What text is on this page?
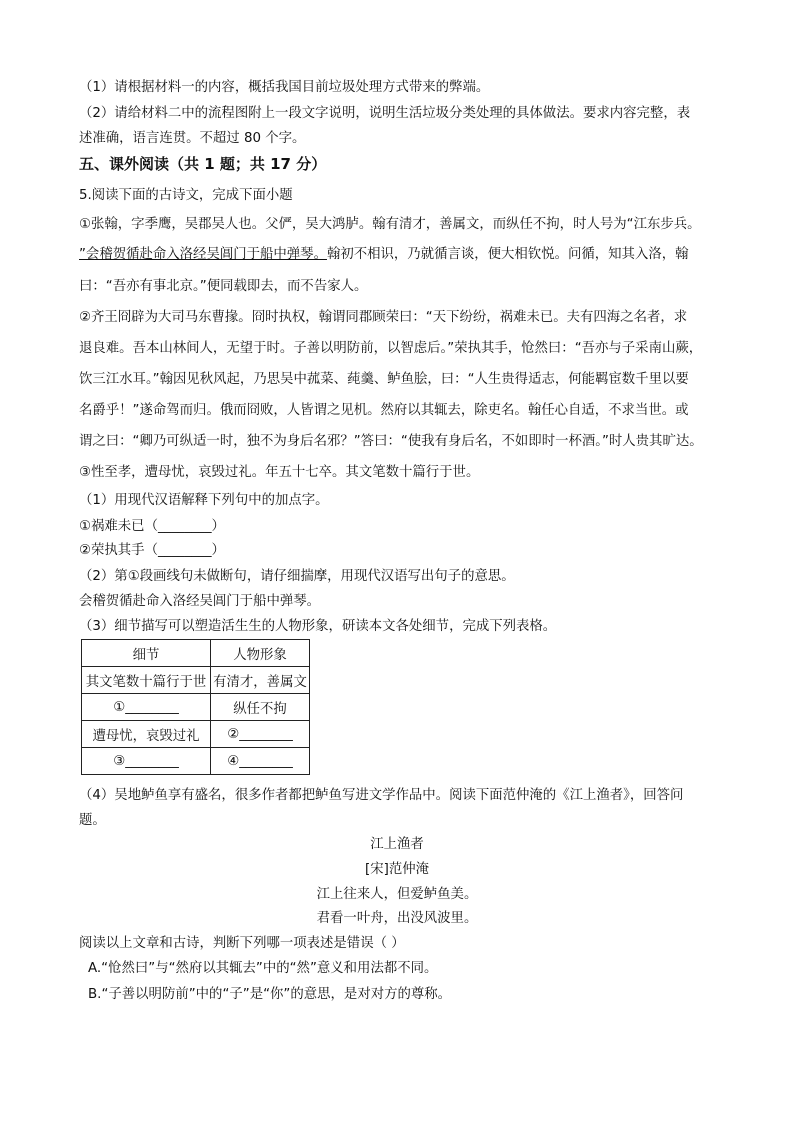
（1）请根据材料一的内容，概括我国目前垃圾处理方式带来的弊端。
（2）请给材料二中的流程图附上一段文字说明，说明生活垃圾分类处理的具体做法。要求内容完整，表
述准确，语言连贯。不超过 80 个字。
五、课外阅读（共 1 题；共 17 分）
5.阅读下面的古诗文，完成下面小题
①张翰，字季鹰，吴郡吴人也。父俨，吴大鸿胪。翰有清才，善属文，而纵任不拘，时人号为“江东步兵。
”会稽贺循赴命入洛经吴阊门于船中弹琴。翰初不相识，乃就循言谈，便大相钦悦。问循，知其入洛，翰
曰：“吾亦有事北京。”便同载即去，而不告家人。
②齐王冏辟为大司马东曹掾。冏时执权，翰谓同郡顾荣曰：“天下纷纷，祸难未已。夫有四海之名者，求
退良难。吾本山林间人，无望于时。子善以明防前，以智虑后。”荣执其手，怆然曰：“吾亦与子采南山蕨，
饮三江水耳。”翰因见秋风起，乃思吴中菰菜、莼羹、鲈鱼脍，曰：“人生贵得适志，何能羁宦数千里以要
名爵乎！”遂命驾而归。俄而冏败，人皆谓之见机。然府以其辄去，除吏名。翰任心自适，不求当世。或
谓之曰：“卿乃可纵适一时，独不为身后名邪？”答曰：“使我有身后名，不如即时一杯酒。”时人贵其旷达。
③性至孝，遭母忧，哀毁过礼。年五十七卒。其文笔数十篇行于世。
（1）用现代汉语解释下列句中的加点字。
①祸难未已（________）
②荣执其手（________）
（2）第①段画线句未做断句，请仔细揣摩，用现代汉语写出句子的意思。
会稽贺循赴命入洛经吴阊门于船中弹琴。
（3）细节描写可以塑造活生生的人物形象，研读本文各处细节，完成下列表格。
细节	人物形象
其文笔数十篇行于世	有清才，善属文
①________	纵任不拘
遭母忧，哀毁过礼	②________
③________	④________
（4）吴地鲈鱼享有盛名，很多作者都把鲈鱼写进文学作品中。阅读下面范仲淹的《江上渔者》，回答问
题。
江上渔者
[宋]范仲淹
江上往来人，但爱鲈鱼美。
君看一叶舟，出没风波里。
阅读以上文章和古诗，判断下列哪一项表述是错误（ ）
A.“怆然曰”与“然府以其辄去”中的“然”意义和用法都不同。
B.“子善以明防前”中的“子”是“你”的意思，是对对方的尊称。
